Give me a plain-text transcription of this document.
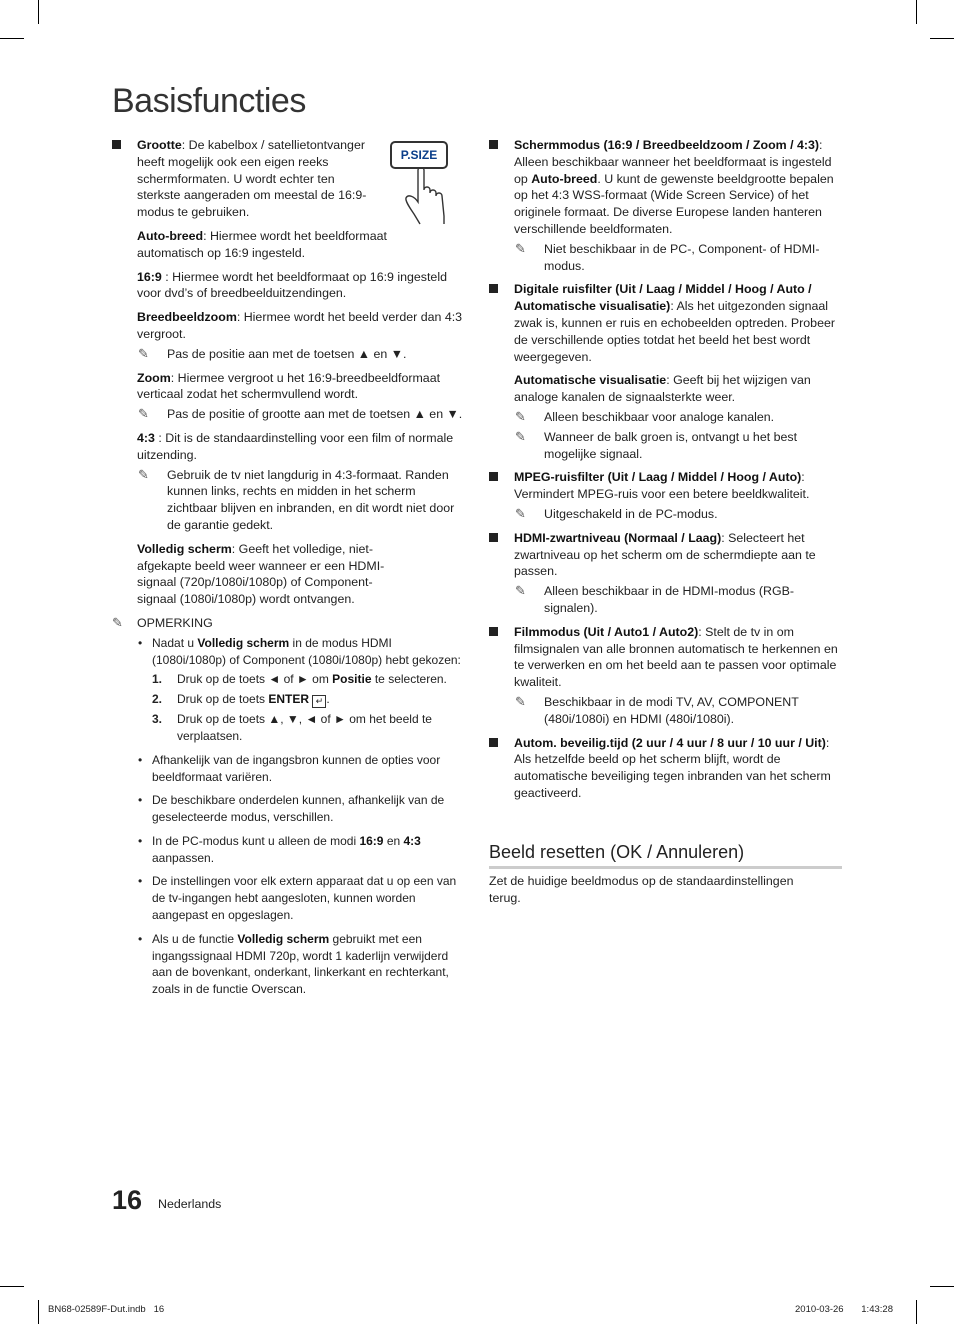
Basisfuncties
P.SIZE
Grootte: De kabelbox / satellietontvanger heeft mogelijk ook een eigen reeks schermformaten. U wordt echter ten sterkste aangeraden om meestal de 16:9-modus te gebruiken.
Auto-breed: Hiermee wordt het beeldformaat automatisch op 16:9 ingesteld.
16:9 : Hiermee wordt het beeldformaat op 16:9 ingesteld voor dvd’s of breedbeelduitzendingen.
Breedbeeldzoom: Hiermee wordt het beeld verder dan 4:3 vergroot.
✎ Pas de positie aan met de toetsen ▲ en ▼.
Zoom: Hiermee vergroot u het 16:9-breedbeeldformaat verticaal zodat het schermvullend wordt.
✎ Pas de positie of grootte aan met de toetsen ▲ en ▼.
4:3 : Dit is de standaardinstelling voor een film of normale uitzending.
✎ Gebruik de tv niet langdurig in 4:3-formaat. Randen kunnen links, rechts en midden in het scherm zichtbaar blijven en inbranden, en dit wordt niet door de garantie gedekt.
Volledig scherm: Geeft het volledige, niet-afgekapte beeld weer wanneer er een HDMI-signaal (720p/1080i/1080p) of Component-signaal (1080i/1080p) wordt ontvangen.
✎ OPMERKING
• Nadat u Volledig scherm in de modus HDMI (1080i/1080p) of Component (1080i/1080p) hebt gekozen:
1. Druk op de toets ◄ of ► om Positie te selecteren.
2. Druk op de toets ENTER ↵ .
3. Druk op de toets ▲, ▼, ◄ of ► om het beeld te verplaatsen.
• Afhankelijk van de ingangsbron kunnen de opties voor beeldformaat variëren.
• De beschikbare onderdelen kunnen, afhankelijk van de geselecteerde modus, verschillen.
• In de PC-modus kunt u alleen de modi 16:9 en 4:3 aanpassen.
• De instellingen voor elk extern apparaat dat u op een van de tv-ingangen hebt aangesloten, kunnen worden aangepast en opgeslagen.
• Als u de functie Volledig scherm gebruikt met een ingangssignaal HDMI 720p, wordt 1 kaderlijn verwijderd aan de bovenkant, onderkant, linkerkant en rechterkant, zoals in de functie Overscan.
Schermmodus (16:9 / Breedbeeldzoom / Zoom / 4:3): Alleen beschikbaar wanneer het beeldformaat is ingesteld op Auto-breed. U kunt de gewenste beeldgrootte bepalen op het 4:3 WSS-formaat (Wide Screen Service) of het originele formaat. De diverse Europese landen hanteren verschillende beeldformaten.
✎ Niet beschikbaar in de PC-, Component- of HDMI-modus.
Digitale ruisfilter (Uit / Laag / Middel / Hoog / Auto / Automatische visualisatie): Als het uitgezonden signaal zwak is, kunnen er ruis en echobeelden optreden. Probeer de verschillende opties totdat het beeld het best wordt weergegeven.
Automatische visualisatie: Geeft bij het wijzigen van analoge kanalen de signaalsterkte weer.
✎ Alleen beschikbaar voor analoge kanalen.
✎ Wanneer de balk groen is, ontvangt u het best mogelijke signaal.
MPEG-ruisfilter (Uit / Laag / Middel / Hoog / Auto): Vermindert MPEG-ruis voor een betere beeldkwaliteit.
✎ Uitgeschakeld in de PC-modus.
HDMI-zwartniveau (Normaal / Laag): Selecteert het zwartniveau op het scherm om de schermdiepte aan te passen.
✎ Alleen beschikbaar in de HDMI-modus (RGB-signalen).
Filmmodus (Uit / Auto1 / Auto2): Stelt de tv in om filmsignalen van alle bronnen automatisch te herkennen en te verwerken en om het beeld aan te passen voor optimale kwaliteit.
✎ Beschikbaar in de modi TV, AV, COMPONENT (480i/1080i) en HDMI (480i/1080i).
Autom. beveilig.tijd (2 uur / 4 uur / 8 uur / 10 uur / Uit): Als hetzelfde beeld op het scherm blijft, wordt de automatische beveiliging tegen inbranden van het scherm geactiveerd.
Beeld resetten (OK / Annuleren)
Zet de huidige beeldmodus op de standaardinstellingen terug.
16 Nederlands
BN68-02589F-Dut.indb   16	2010-03-26 1:43:28
